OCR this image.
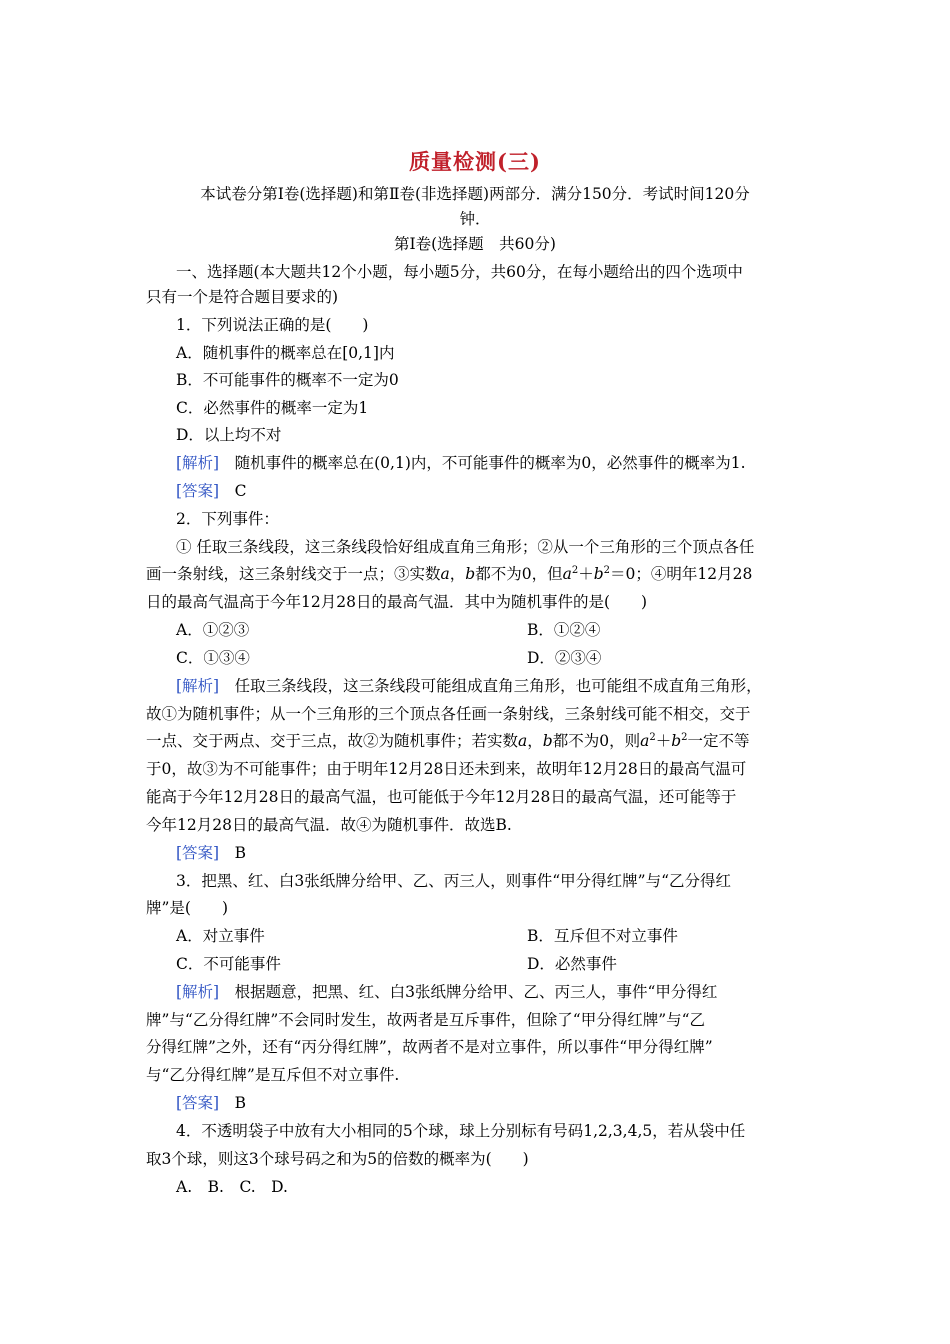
质量检测(三)
本试卷分第Ⅰ卷(选择题)和第Ⅱ卷(非选择题)两部分．满分150分．考试时间120分
钟．
第Ⅰ卷(选择题　共60分)
一、选择题(本大题共12个小题，每小题5分，共60分，在每小题给出的四个选项中
只有一个是符合题目要求的)
1．下列说法正确的是(　　)
A．随机事件的概率总在[0,1]内
B．不可能事件的概率不一定为0
C．必然事件的概率一定为1
D．以上均不对
[解析]　 随机事件的概率总在(0,1)内，不可能事件的概率为0，必然事件的概率为1.
[答案]　 C
2．下列事件：
① 任取三条线段，这三条线段恰好组成直角三角形；②从一个三角形的三个顶点各任
画一条射线，这三条射线交于一点；③实数a，b都不为0，但$a^2+b^2=0$；④明年12月28
日的最高气温高于今年12月28日的最高气温．其中为随机事件的是(　　)
A．①②③	B．①②④
C．①③④	D．②③④
[解析]　 任取三条线段，这三条线段可能组成直角三角形，也可能组不成直角三角形，
故①为随机事件；从一个三角形的三个顶点各任画一条射线，三条射线可能不相交，交于
一点、交于两点、交于三点，故②为随机事件；若实数a，b都不为0，则$a^2+b^2$一定不等
于0，故③为不可能事件；由于明年12月28日还未到来，故明年12月28日的最高气温可
能高于今年12月28日的最高气温，也可能低于今年12月28日的最高气温，还可能等于
今年12月28日的最高气温．故④为随机事件．故选B.
[答案]　 B
3．把黑、红、白3张纸牌分给甲、乙、丙三人，则事件“甲分得红牌”与“乙分得红
牌”是(　　)
A．对立事件	B．互斥但不对立事件
C．不可能事件	D．必然事件
[解析]　 根据题意，把黑、红、白3张纸牌分给甲、乙、丙三人，事件“甲分得红
牌”与“乙分得红牌”不会同时发生，故两者是互斥事件，但除了“甲分得红牌”与“乙
分得红牌”之外，还有“丙分得红牌”，故两者不是对立事件，所以事件“甲分得红牌”
与“乙分得红牌”是互斥但不对立事件.
[答案]　 B
4．不透明袋子中放有大小相同的5个球，球上分别标有号码1,2,3,4,5，若从袋中任
取3个球，则这3个球号码之和为5的倍数的概率为(　　)
A.　B.　C.　D.
